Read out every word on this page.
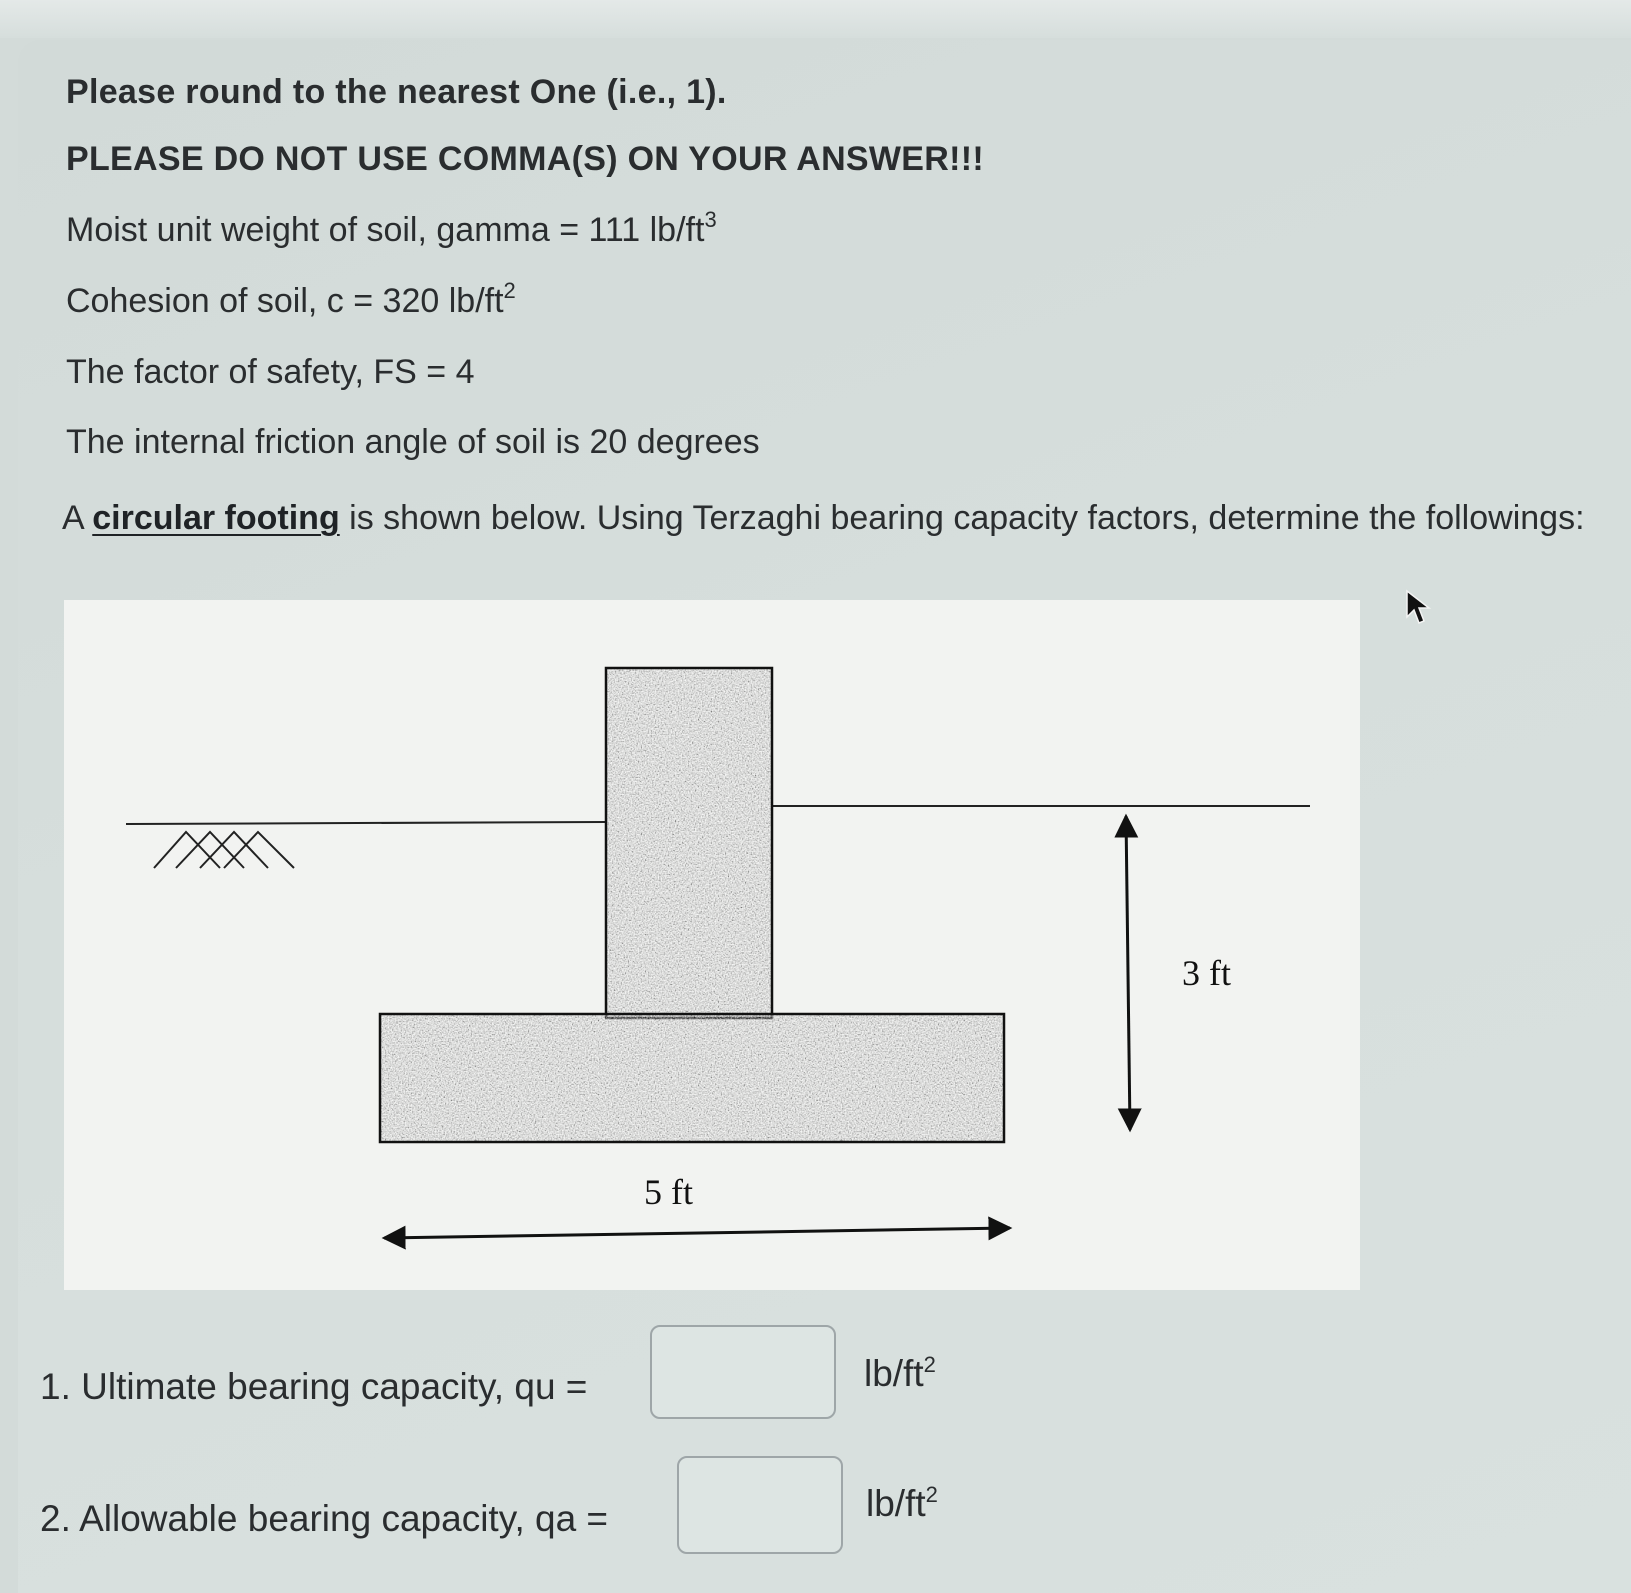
Please round to the nearest One (i.e., 1).

PLEASE DO NOT USE COMMA(S) ON YOUR ANSWER!!!

Moist unit weight of soil, gamma = 111 $lb/ft^3$

Cohesion of soil, c = 320 $lb/ft^2$

The factor of safety, FS = 4

The internal friction angle of soil is 20 degrees

A circular footing is shown below. Using Terzaghi bearing capacity factors, determine the followings:
3 ft
5 ft
1. Ultimate bearing capacity, qu =	$lb/ft^2$
2. Allowable bearing capacity, qa =	$lb/ft^2$
